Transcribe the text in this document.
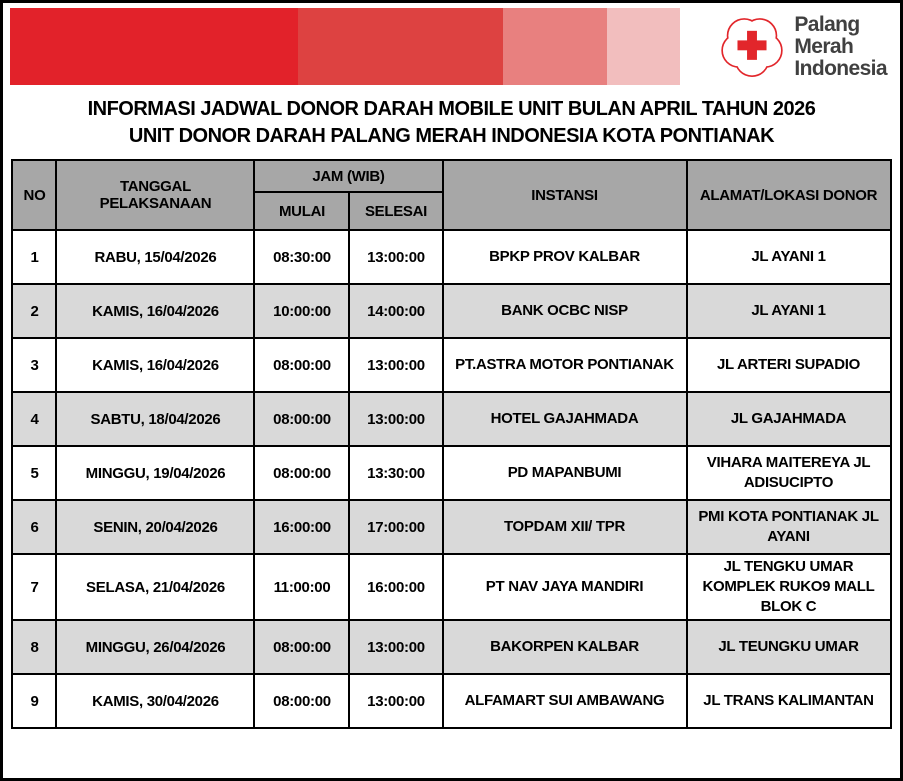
Palang
Merah
Indonesia
INFORMASI JADWAL DONOR DARAH MOBILE UNIT BULAN APRIL TAHUN 2026
UNIT DONOR DARAH PALANG MERAH INDONESIA KOTA PONTIANAK
NO	TANGGAL PELAKSANAAN	JAM (WIB)		INSTANSI	ALAMAT/LOKASI DONOR
		MULAI	SELESAI		
1	RABU, 15/04/2026	08:30:00	13:00:00	BPKP PROV KALBAR	JL AYANI 1
2	KAMIS, 16/04/2026	10:00:00	14:00:00	BANK OCBC NISP	JL AYANI 1
3	KAMIS, 16/04/2026	08:00:00	13:00:00	PT.ASTRA MOTOR PONTIANAK	JL ARTERI SUPADIO
4	SABTU, 18/04/2026	08:00:00	13:00:00	HOTEL GAJAHMADA	JL GAJAHMADA
5	MINGGU, 19/04/2026	08:00:00	13:30:00	PD MAPANBUMI	VIHARA MAITEREYA JL ADISUCIPTO
6	SENIN, 20/04/2026	16:00:00	17:00:00	TOPDAM XII/ TPR	PMI KOTA PONTIANAK JL AYANI
7	SELASA, 21/04/2026	11:00:00	16:00:00	PT NAV JAYA MANDIRI	JL TENGKU UMAR KOMPLEK RUKO9 MALL BLOK C
8	MINGGU, 26/04/2026	08:00:00	13:00:00	BAKORPEN KALBAR	JL TEUNGKU UMAR
9	KAMIS, 30/04/2026	08:00:00	13:00:00	ALFAMART SUI AMBAWANG	JL TRANS KALIMANTAN
